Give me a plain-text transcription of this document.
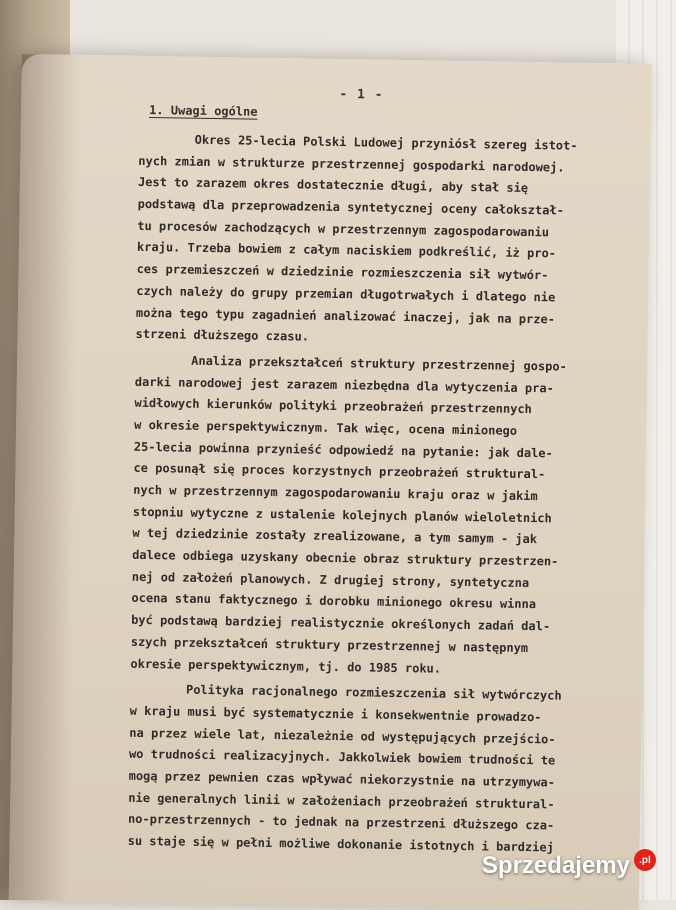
- 1 -
1. Uwagi ogólne
Okres 25-lecia Polski Ludowej przyniósł szereg istot-
nych zmian w strukturze przestrzennej gospodarki narodowej.
Jest to zarazem okres dostatecznie długi, aby stał się
podstawą dla przeprowadzenia syntetycznej oceny całokształ-
tu procesów zachodzących w przestrzennym zagospodarowaniu
kraju. Trzeba bowiem z całym naciskiem podkreślić, iż pro-
ces przemieszczeń w dziedzinie rozmieszczenia sił wytwór-
czych należy do grupy przemian długotrwałych i dlatego nie
można tego typu zagadnień analizować inaczej, jak na prze-
strzeni dłuższego czasu.
Analiza przekształceń struktury przestrzennej gospo-
darki narodowej jest zarazem niezbędna dla wytyczenia pra-
widłowych kierunków polityki przeobrażeń przestrzennych
w okresie perspektywicznym. Tak więc, ocena minionego
25-lecia powinna przynieść odpowiedź na pytanie: jak dale-
ce posunął się proces korzystnych przeobrażeń struktural-
nych w przestrzennym zagospodarowaniu kraju oraz w jakim
stopniu wytyczne z ustalenie kolejnych planów wieloletnich
w tej dziedzinie zostały zrealizowane, a tym samym - jak
dalece odbiega uzyskany obecnie obraz struktury przestrzen-
nej od założeń planowych. Z drugiej strony, syntetyczna
ocena stanu faktycznego i dorobku minionego okresu winna
być podstawą bardziej realistycznie określonych zadań dal-
szych przekształceń struktury przestrzennej w następnym
okresie perspektywicznym, tj. do 1985 roku.
Polityka racjonalnego rozmieszczenia sił wytwórczych
w kraju musi być systematycznie i konsekwentnie prowadzo-
na przez wiele lat, niezależnie od występujących przejścio-
wo trudności realizacyjnych. Jakkolwiek bowiem trudności te
mogą przez pewnien czas wpływać niekorzystnie na utrzymywa-
nie generalnych linii w założeniach przeobrażeń struktural-
no-przestrzennych - to jednak na przestrzeni dłuższego cza-
su staje się w pełni możliwe dokonanie istotnych i bardziej
Sprzedajemy .pl
